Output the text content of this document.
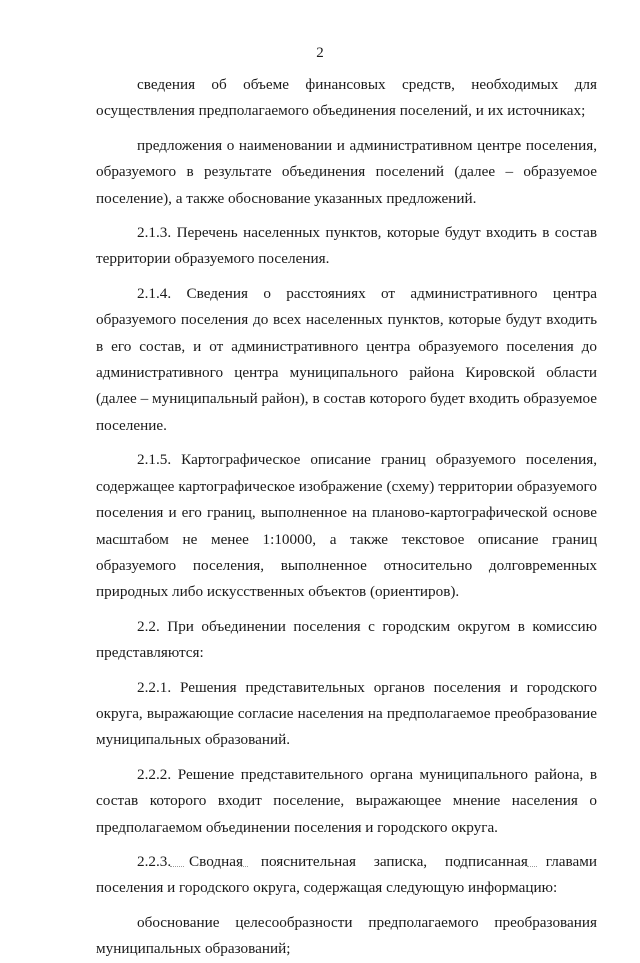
2

сведения об объеме финансовых средств, необходимых для осуществления предполагаемого объединения поселений, и их источниках;

предложения о наименовании и административном центре поселения, образуемого в результате объединения поселений (далее – образуемое поселение), а также обоснование указанных предложений.

2.1.3. Перечень населенных пунктов, которые будут входить в состав территории образуемого поселения.

2.1.4. Сведения о расстояниях от административного центра образуемого поселения до всех населенных пунктов, которые будут входить в его состав, и от административного центра образуемого поселения до административного центра муниципального района Кировской области (далее – муниципальный район), в состав которого будет входить образуемое поселение.

2.1.5. Картографическое описание границ образуемого поселения, содержащее картографическое изображение (схему) территории образуемого поселения и его границ, выполненное на планово-картографической основе масштабом не менее 1:10000, а также текстовое описание границ образуемого поселения, выполненное относительно долговременных природных либо искусственных объектов (ориентиров).

2.2. При объединении поселения с городским округом в комиссию представляются:

2.2.1. Решения представительных органов поселения и городского округа, выражающие согласие населения на предполагаемое преобразование муниципальных образований.

2.2.2. Решение представительного органа муниципального района, в состав которого входит поселение, выражающее мнение населения о предполагаемом объединении поселения и городского округа.

2.2.3. Сводная пояснительная записка, подписанная главами поселения и городского округа, содержащая следующую информацию:

обоснование целесообразности предполагаемого преобразования муниципальных образований;
